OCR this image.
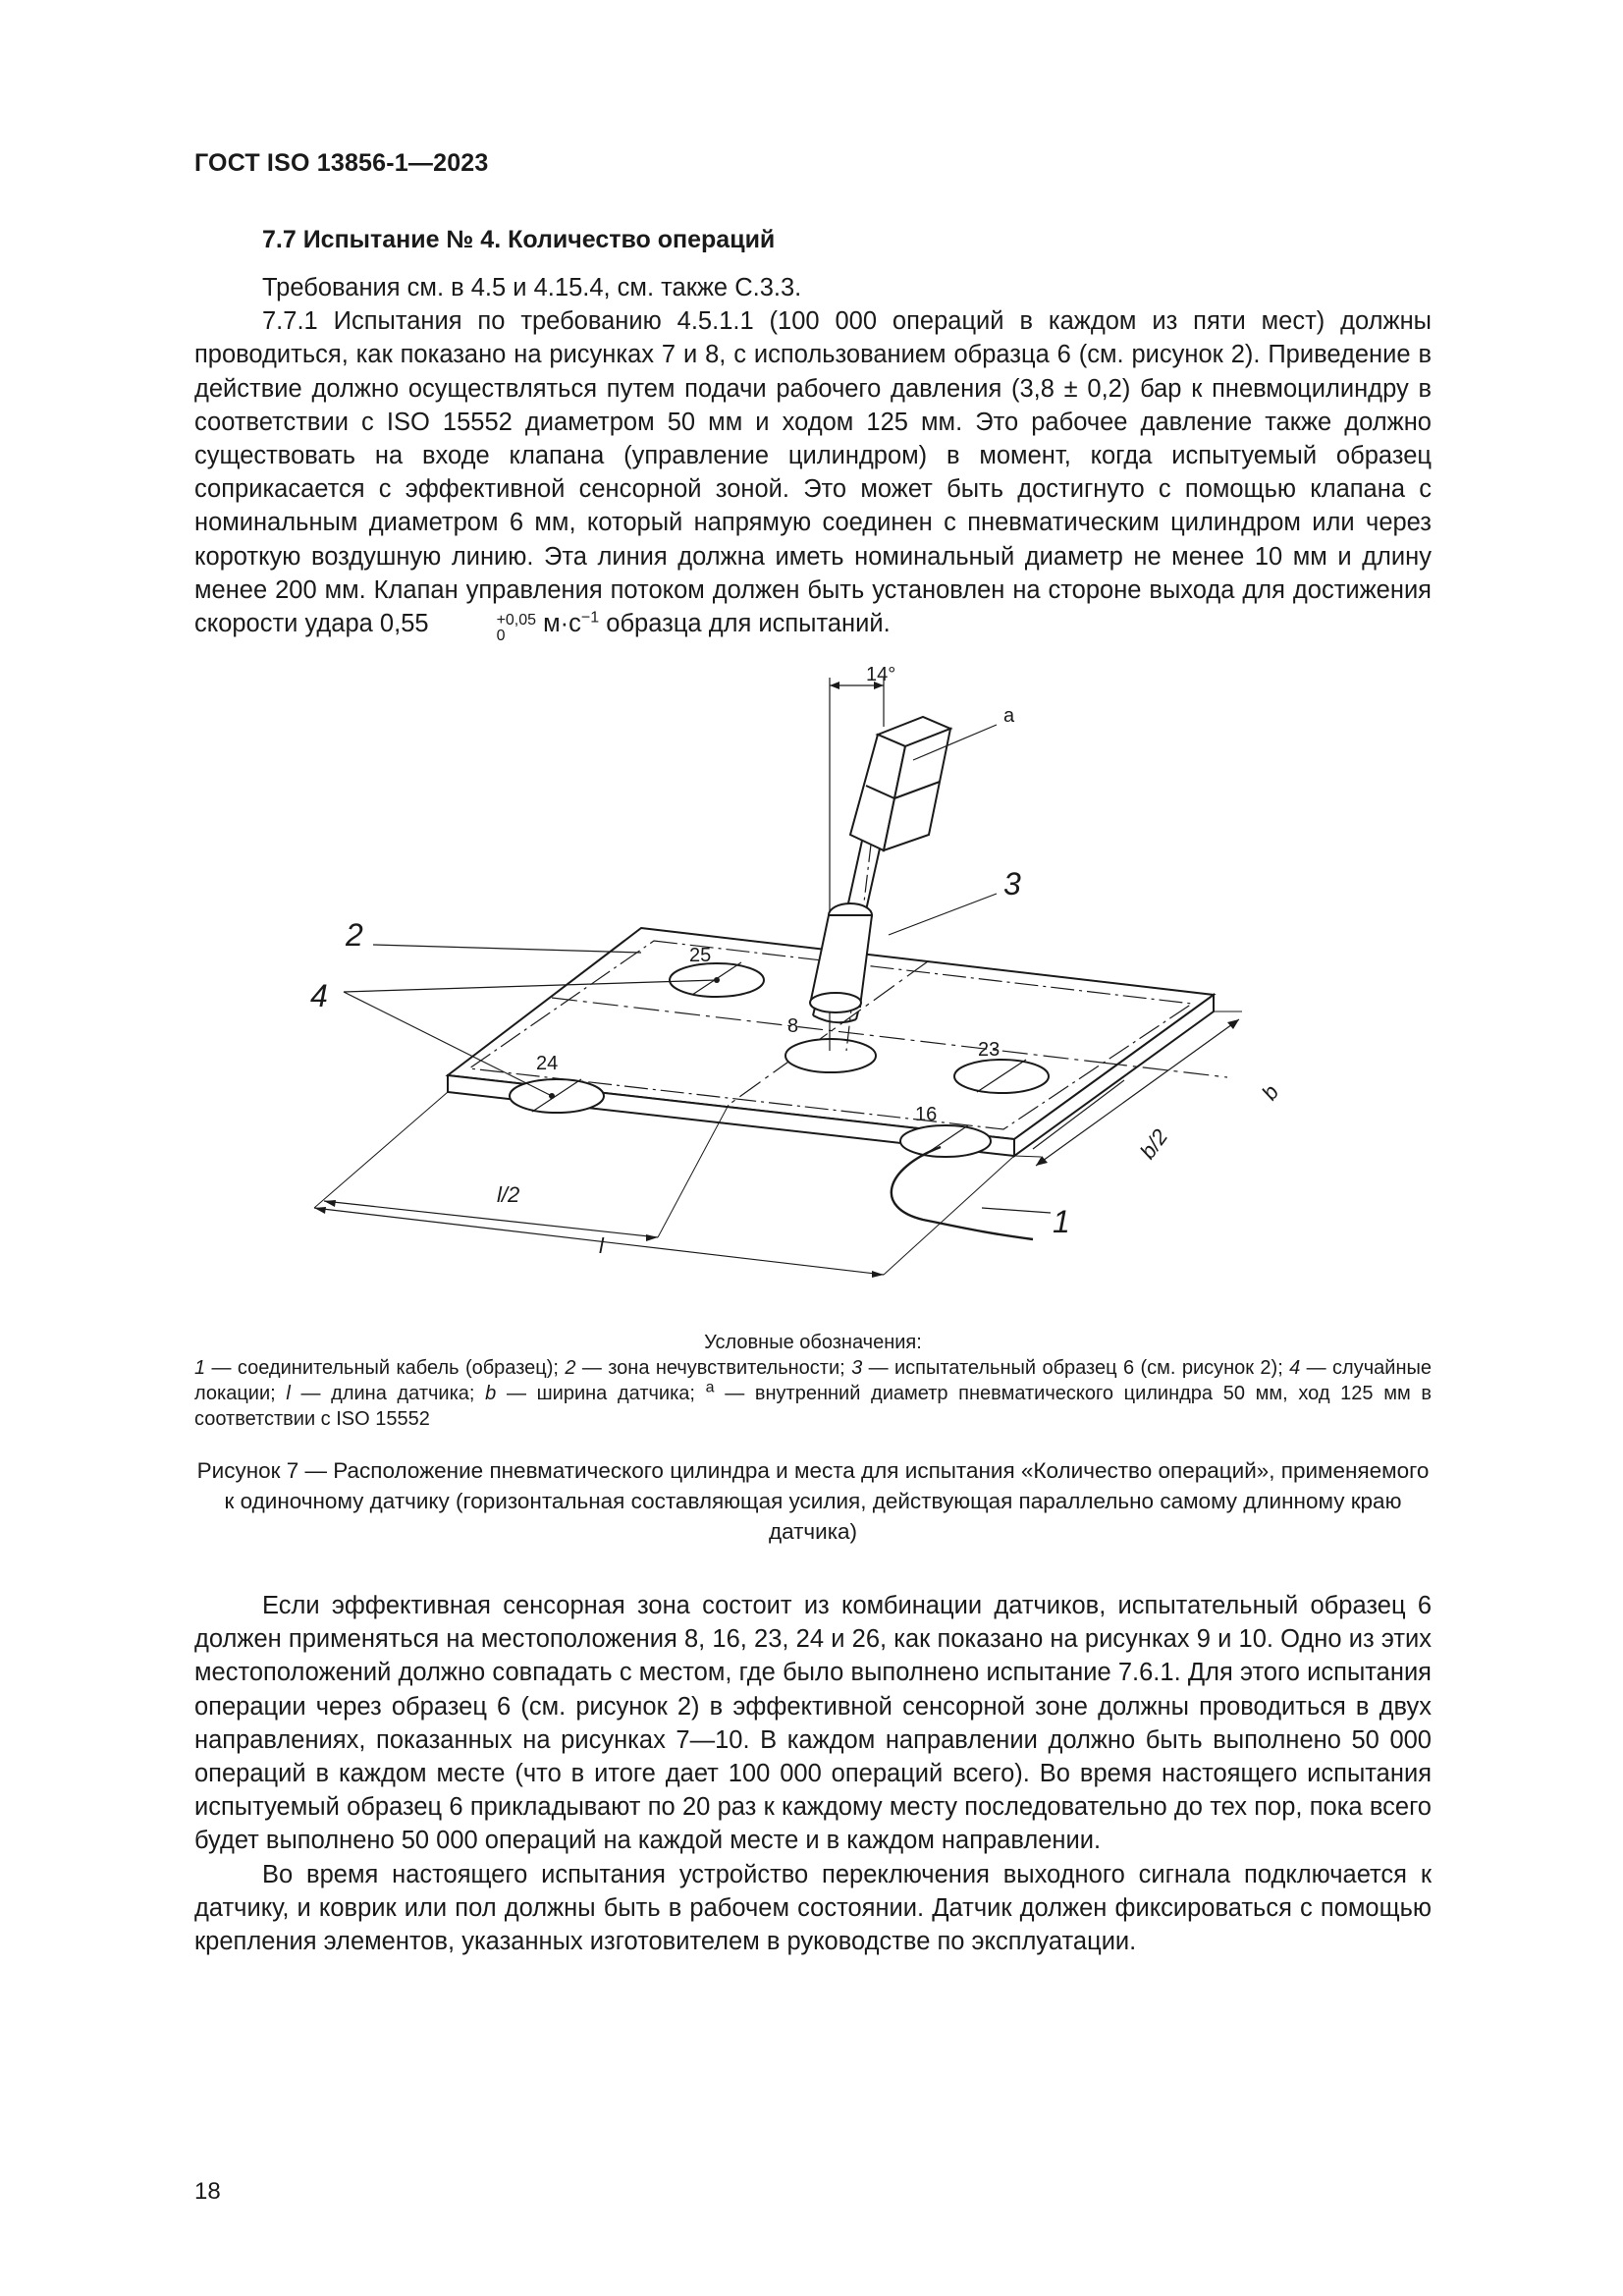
ГОСТ ISO 13856-1—2023
7.7 Испытание № 4. Количество операций

Требования см. в 4.5 и 4.15.4, см. также С.3.3.

7.7.1 Испытания по требованию 4.5.1.1 (100 000 операций в каждом из пяти мест) должны проводиться, как показано на рисунках 7 и 8, с использованием образца 6 (см. рисунок 2). Приведение в действие должно осуществляться путем подачи рабочего давления (3,8 ± 0,2) бар к пневмоцилиндру в соответствии с ISO 15552 диаметром 50 мм и ходом 125 мм. Это рабочее давление также должно существовать на входе клапана (управление цилиндром) в момент, когда испытуемый образец соприкасается с эффективной сенсорной зоной. Это может быть достигнуто с помощью клапана с номинальным диаметром 6 мм, который напрямую соединен с пневматическим цилиндром или через короткую воздушную линию. Эта линия должна иметь номинальный диаметр не менее 10 мм и длину менее 200 мм. Клапан управления потоком должен быть установлен на стороне выхода для достижения скорости удара 0,55	+0,05
0	$м\cdot с^{-1}$ образца для испытаний.

14°
a
3
2
4
25
8
23
24
16
b
b/2
l/2
l
1
Условные обозначения:
1 — соединительный кабель (образец); 2 — зона нечувствительности; 3 — испытательный образец 6 (см. рисунок 2); 4 — случайные локации; l — длина датчика; b — ширина датчика; $^a$ — внутренний диаметр пневматического цилиндра 50 мм, ход 125 мм в соответствии с ISO 15552
Рисунок 7 — Расположение пневматического цилиндра и места для испытания «Количество операций», применяемого к одиночному датчику (горизонтальная составляющая усилия, действующая параллельно самому длинному краю датчика)

Если эффективная сенсорная зона состоит из комбинации датчиков, испытательный образец 6 должен применяться на местоположения 8, 16, 23, 24 и 26, как показано на рисунках 9 и 10. Одно из этих местоположений должно совпадать с местом, где было выполнено испытание 7.6.1. Для этого испытания операции через образец 6 (см. рисунок 2) в эффективной сенсорной зоне должны проводиться в двух направлениях, показанных на рисунках 7—10. В каждом направлении должно быть выполнено 50 000 операций в каждом месте (что в итоге дает 100 000 операций всего). Во время настоящего испытания испытуемый образец 6 прикладывают по 20 раз к каждому месту последовательно до тех пор, пока всего будет выполнено 50 000 операций на каждой месте и в каждом направлении.

Во время настоящего испытания устройство переключения выходного сигнала подключается к датчику, и коврик или пол должны быть в рабочем состоянии. Датчик должен фиксироваться с помощью крепления элементов, указанных изготовителем в руководстве по эксплуатации.

18
